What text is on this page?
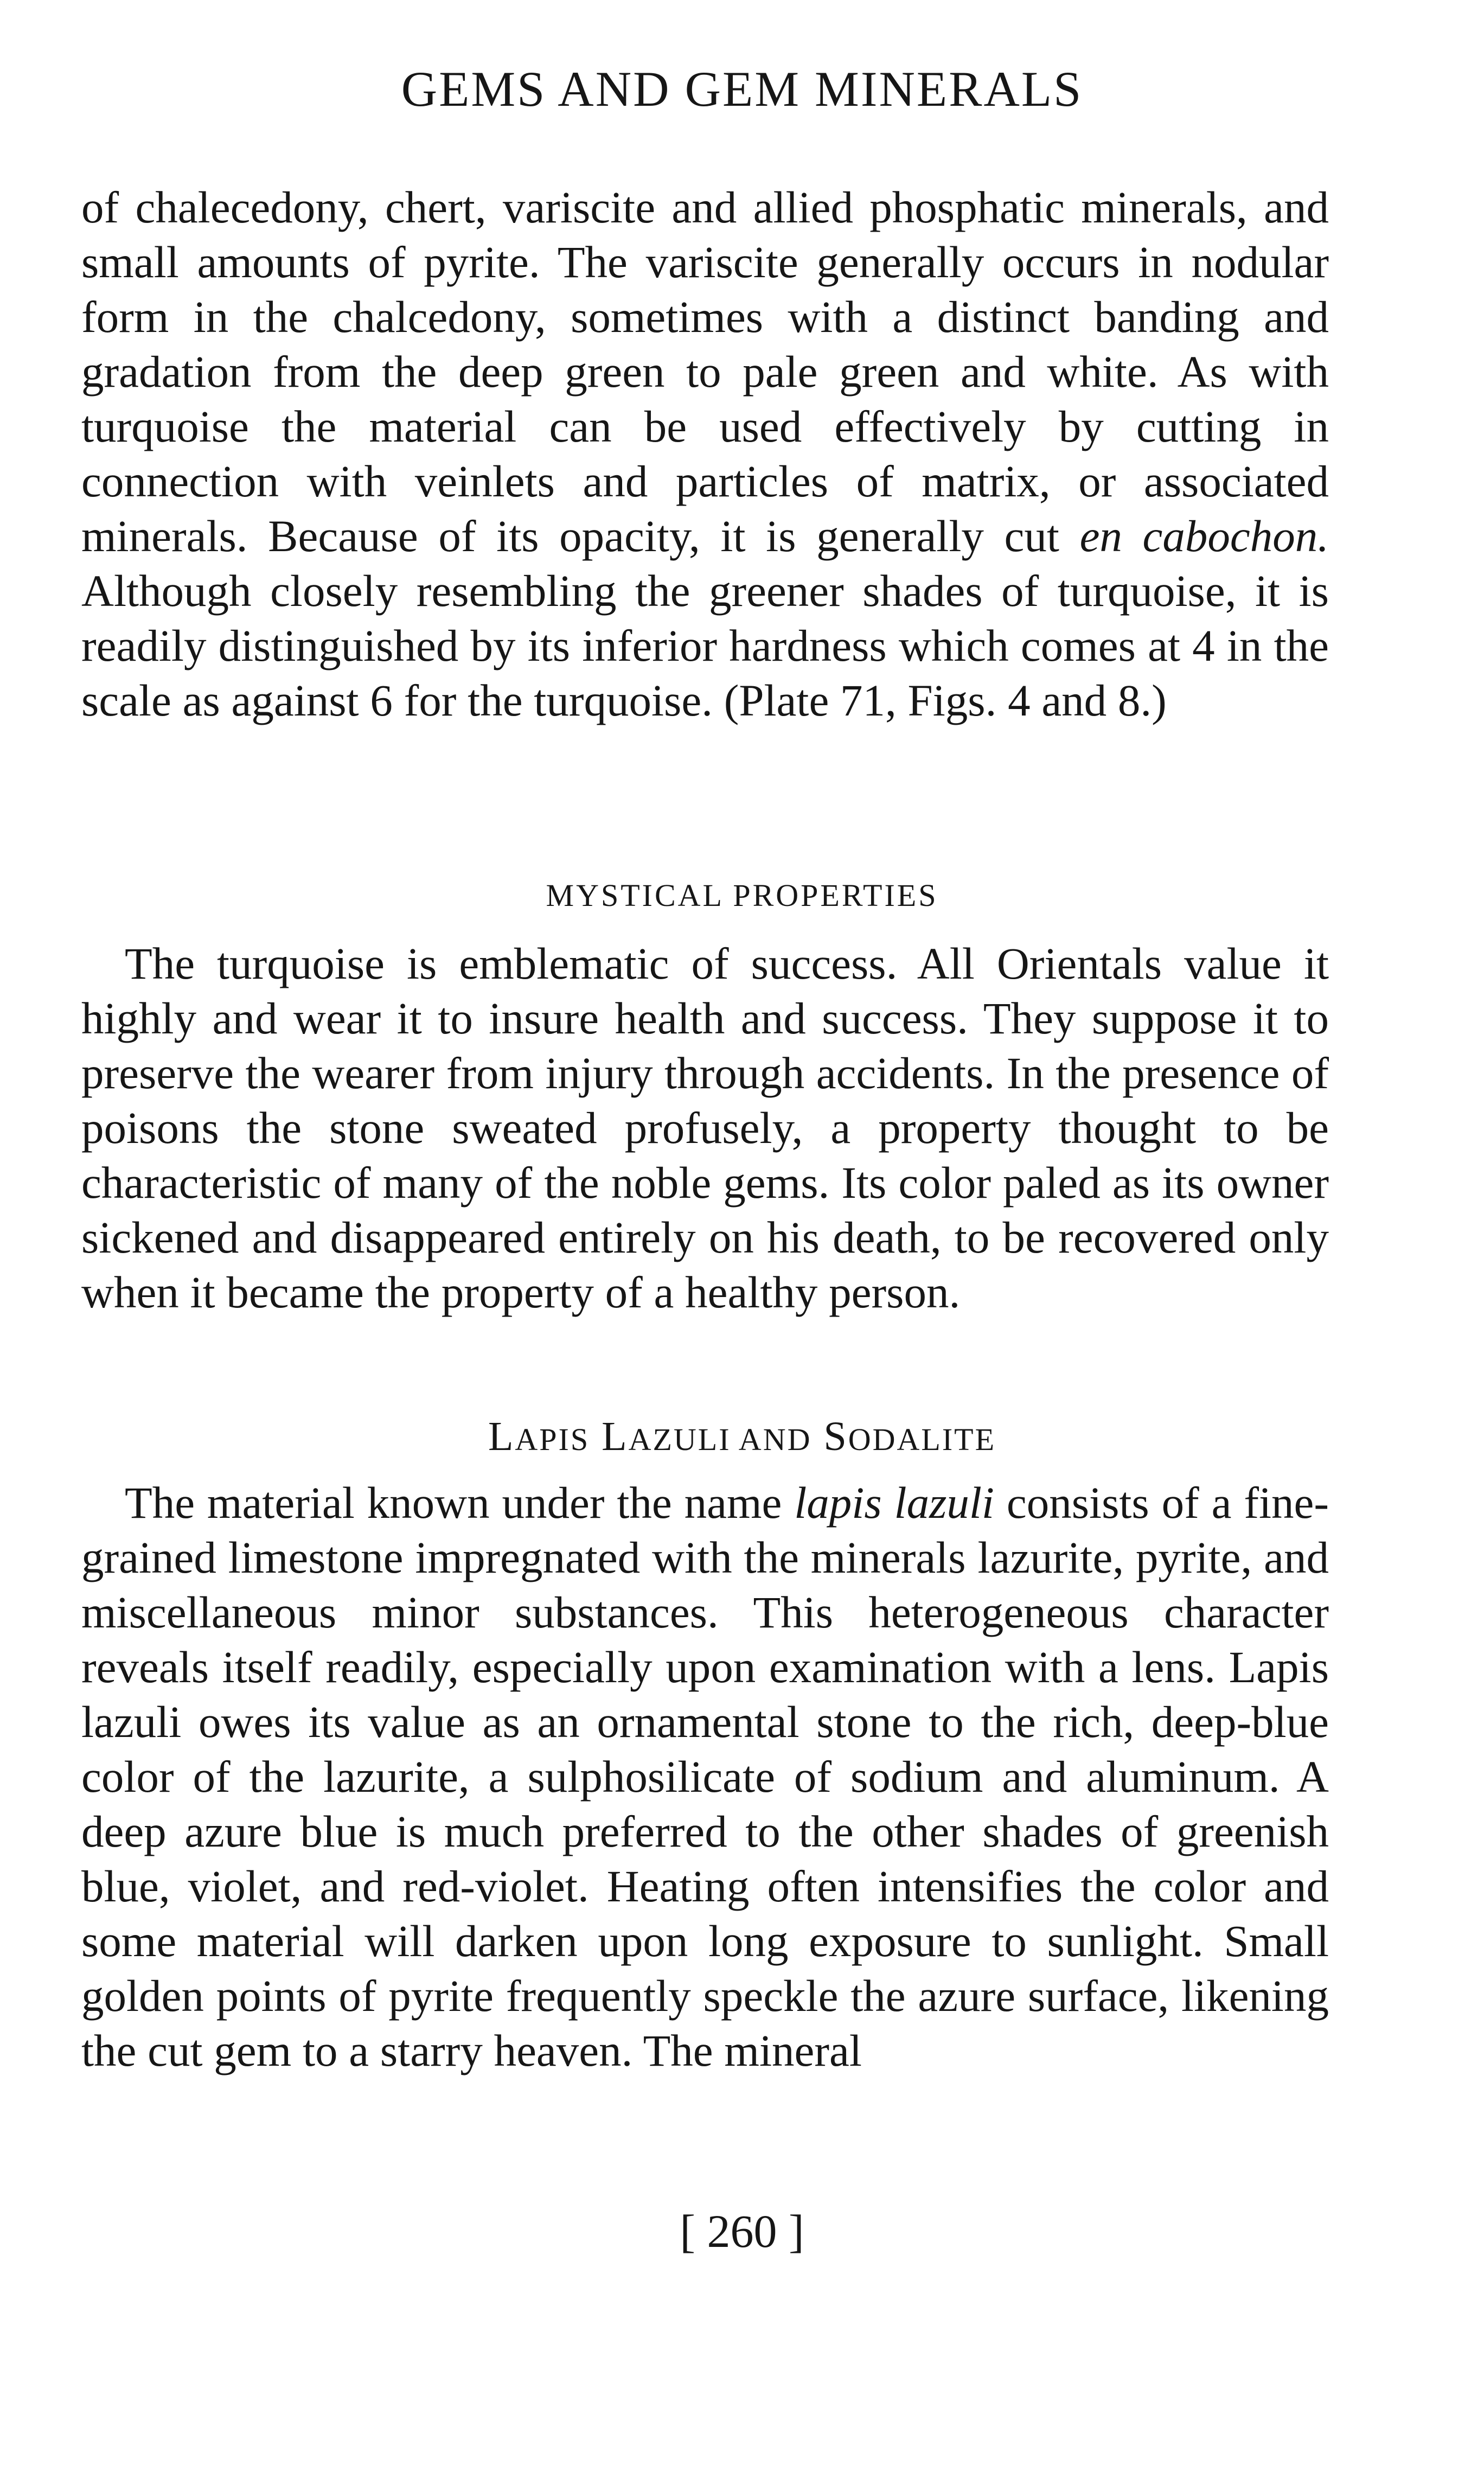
GEMS AND GEM MINERALS

of chalecedony, chert, variscite and allied phosphatic minerals, and small amounts of pyrite. The variscite generally occurs in nodular form in the chalcedony, sometimes with a distinct banding and gradation from the deep green to pale green and white. As with turquoise the material can be used effectively by cutting in connection with veinlets and particles of matrix, or associated minerals. Because of its opacity, it is generally cut en cabochon. Although closely resembling the greener shades of turquoise, it is readily distinguished by its inferior hardness which comes at 4 in the scale as against 6 for the turquoise. (Plate 71, Figs. 4 and 8.)

MYSTICAL PROPERTIES

The turquoise is emblematic of success. All Orientals value it highly and wear it to insure health and success. They suppose it to preserve the wearer from injury through accidents. In the presence of poisons the stone sweated profusely, a property thought to be characteristic of many of the noble gems. Its color paled as its owner sickened and disappeared entirely on his death, to be recovered only when it became the property of a healthy person.

LAPIS LAZULI AND SODALITE

The material known under the name lapis lazuli consists of a fine-grained limestone impregnated with the minerals lazurite, pyrite, and miscellaneous minor substances. This heterogeneous character reveals itself readily, especially upon examination with a lens. Lapis lazuli owes its value as an ornamental stone to the rich, deep-blue color of the lazurite, a sulphosilicate of sodium and aluminum. A deep azure blue is much preferred to the other shades of greenish blue, violet, and red-violet. Heating often intensifies the color and some material will darken upon long exposure to sunlight. Small golden points of pyrite frequently speckle the azure surface, likening the cut gem to a starry heaven. The mineral

[ 260 ]
